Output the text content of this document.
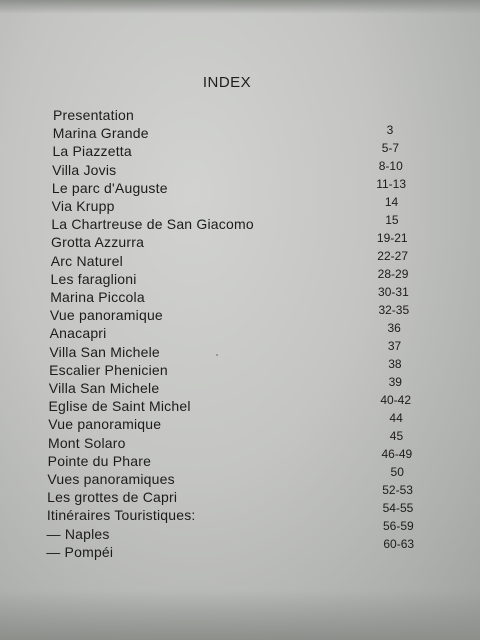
INDEX
Presentation
Marina Grande	3
La Piazzetta	5-7
Villa Jovis	8-10
Le parc d'Auguste	11-13
Via Krupp	14
La Chartreuse de San Giacomo	15
Grotta Azzurra	19-21
Arc Naturel	22-27
Les faraglioni	28-29
Marina Piccola	30-31
Vue panoramique	32-35
Anacapri	36
Villa San Michele	37
Escalier Phenicien	38
Villa San Michele	39
Eglise de Saint Michel	40-42
Vue panoramique	44
Mont Solaro	45
Pointe du Phare	46-49
Vues panoramiques	50
Les grottes de Capri	52-53
Itinéraires Touristiques:	54-55
— Naples	56-59
— Pompéi	60-63
